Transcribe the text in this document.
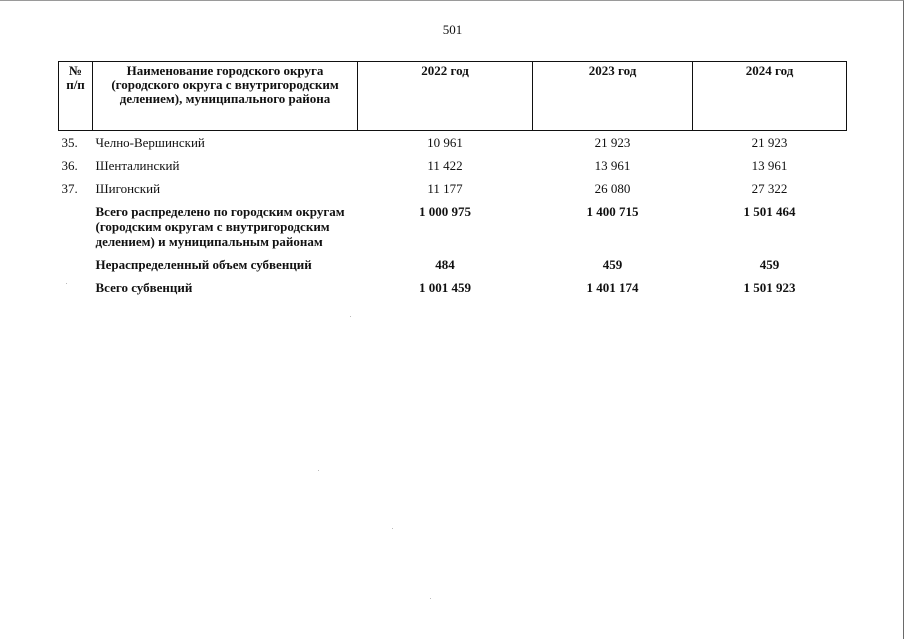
501
№ п/п	Наименование городского округа (городского округа с внутригородским делением), муниципального района	2022 год	2023 год	2024 год
35.	Челно-Вершинский	10 961	21 923	21 923
36.	Шенталинский	11 422	13 961	13 961
37.	Шигонский	11 177	26 080	27 322
	Всего распределено по городским округам (городским округам с внутригородским делением) и муниципальным районам	1 000 975	1 400 715	1 501 464
	Нераспределенный объем субвенций	484	459	459
	Всего субвенций	1 001 459	1 401 174	1 501 923
